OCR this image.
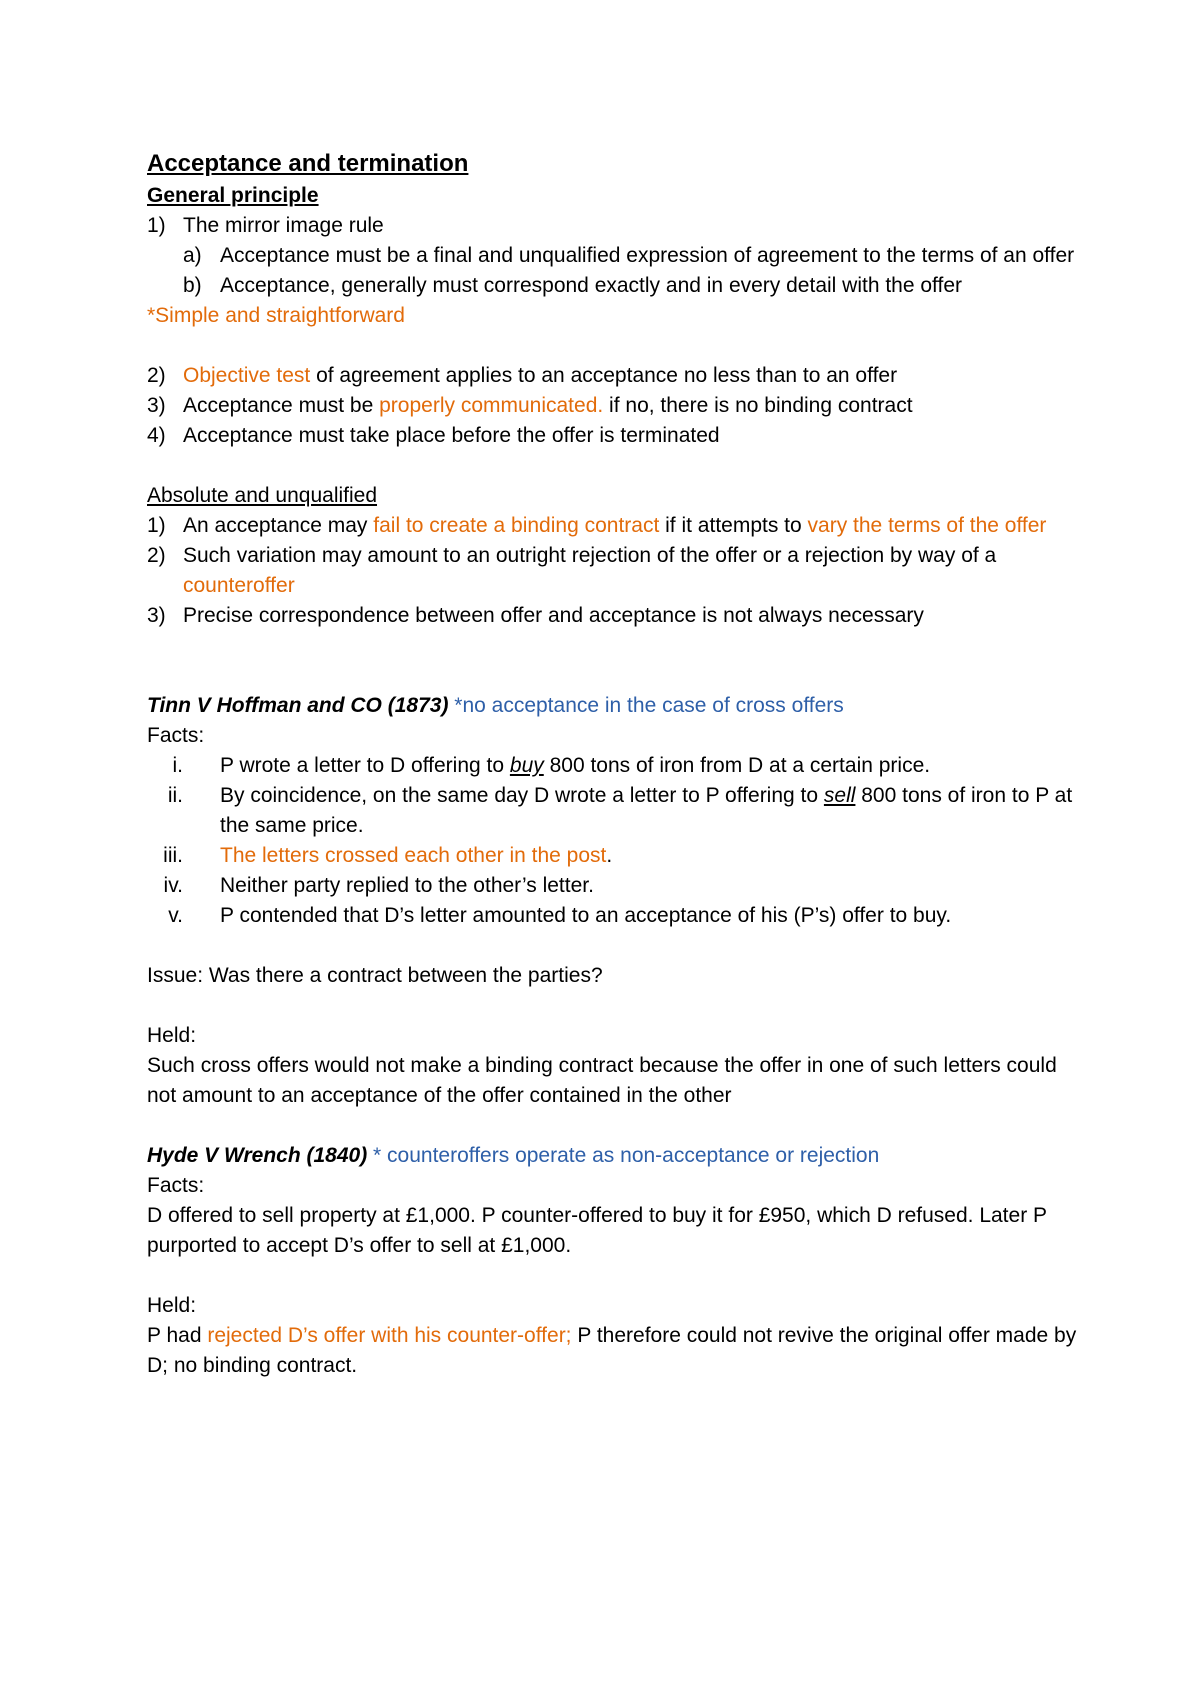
Acceptance and termination
General principle
1) The mirror image rule
a) Acceptance must be a final and unqualified expression of agreement to the terms of an offer
b) Acceptance, generally must correspond exactly and in every detail with the offer
*Simple and straightforward
2) Objective test of agreement applies to an acceptance no less than to an offer
3) Acceptance must be properly communicated. if no, there is no binding contract
4) Acceptance must take place before the offer is terminated
Absolute and unqualified
1) An acceptance may fail to create a binding contract if it attempts to vary the terms of the offer
2) Such variation may amount to an outright rejection of the offer or a rejection by way of a counteroffer
3) Precise correspondence between offer and acceptance is not always necessary
Tinn V Hoffman and CO (1873) *no acceptance in the case of cross offers
Facts:
i.	P wrote a letter to D offering to buy 800 tons of iron from D at a certain price.
ii.	By coincidence, on the same day D wrote a letter to P offering to sell 800 tons of iron to P at the same price.
iii.	The letters crossed each other in the post.
iv.	Neither party replied to the other’s letter.
v.	P contended that D’s letter amounted to an acceptance of his (P’s) offer to buy.
Issue: Was there a contract between the parties?
Held:
Such cross offers would not make a binding contract because the offer in one of such letters could not amount to an acceptance of the offer contained in the other
Hyde V Wrench (1840) * counteroffers operate as non-acceptance or rejection
Facts:
D offered to sell property at £1,000. P counter-offered to buy it for £950, which D refused. Later P purported to accept D’s offer to sell at £1,000.
Held:
P had rejected D’s offer with his counter-offer; P therefore could not revive the original offer made by D; no binding contract.
